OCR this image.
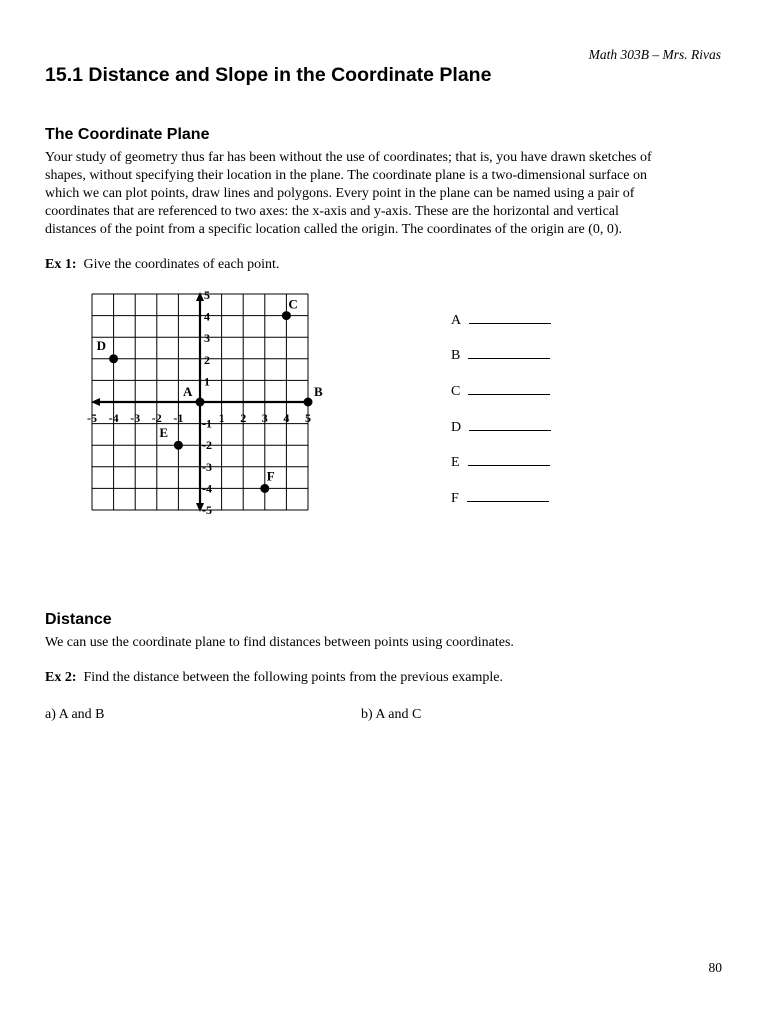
Math 303B – Mrs. Rivas
15.1 Distance and Slope in the Coordinate Plane
The Coordinate Plane
Your study of geometry thus far has been without the use of coordinates; that is, you have drawn sketches of
shapes, without specifying their location in the plane. The coordinate plane is a two-dimensional surface on
which we can plot points, draw lines and polygons. Every point in the plane can be named using a pair of
coordinates that are referenced to two axes: the x-axis and y-axis. These are the horizontal and vertical
distances of the point from a specific location called the origin. The coordinates of the origin are (0, 0).
Ex 1: Give the coordinates of each point.
-5 -4 -3 -2 -1	1 2 3 4 5
5
4
3
2
1
-1
-2
-3
-4
-5
A	B
C
D
E
F
A
B
C
D
E
F
Distance
We can use the coordinate plane to find distances between points using coordinates.
Ex 2: Find the distance between the following points from the previous example.
a) A and B	b) A and C
80
